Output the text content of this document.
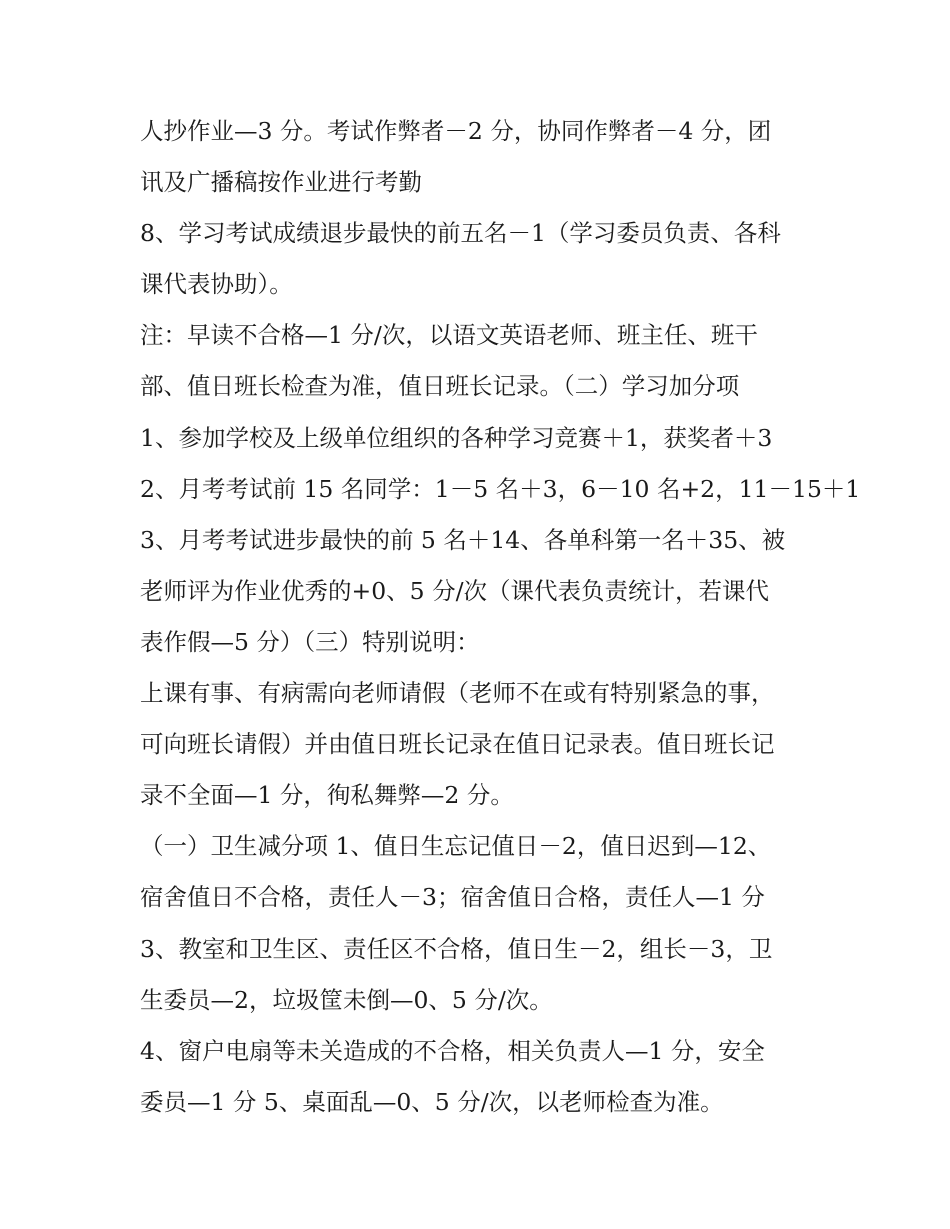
人抄作业—3 分。考试作弊者－2 分，协同作弊者－4 分，团
讯及广播稿按作业进行考勤
8、学习考试成绩退步最快的前五名－1（学习委员负责、各科
课代表协助）。
注：早读不合格—1 分/次，以语文英语老师、班主任、班干
部、值日班长检查为准，值日班长记录。（二）学习加分项
1、参加学校及上级单位组织的各种学习竞赛＋1，获奖者＋3
2、月考考试前 15 名同学：1－5 名＋3，6－10 名+2，11－15＋1
3、月考考试进步最快的前 5 名＋14、各单科第一名＋35、被
老师评为作业优秀的+0、5 分/次（课代表负责统计，若课代
表作假—5 分）（三）特别说明：
上课有事、有病需向老师请假（老师不在或有特别紧急的事，
可向班长请假）并由值日班长记录在值日记录表。值日班长记
录不全面—1 分，徇私舞弊—2 分。
（一）卫生减分项 1、值日生忘记值日－2，值日迟到—12、
宿舍值日不合格，责任人－3；宿舍值日合格，责任人—1 分
3、教室和卫生区、责任区不合格，值日生－2，组长－3，卫
生委员—2，垃圾筐未倒—0、5 分/次。
4、窗户电扇等未关造成的不合格，相关负责人—1 分，安全
委员—1 分 5、桌面乱—0、5 分/次，以老师检查为准。
